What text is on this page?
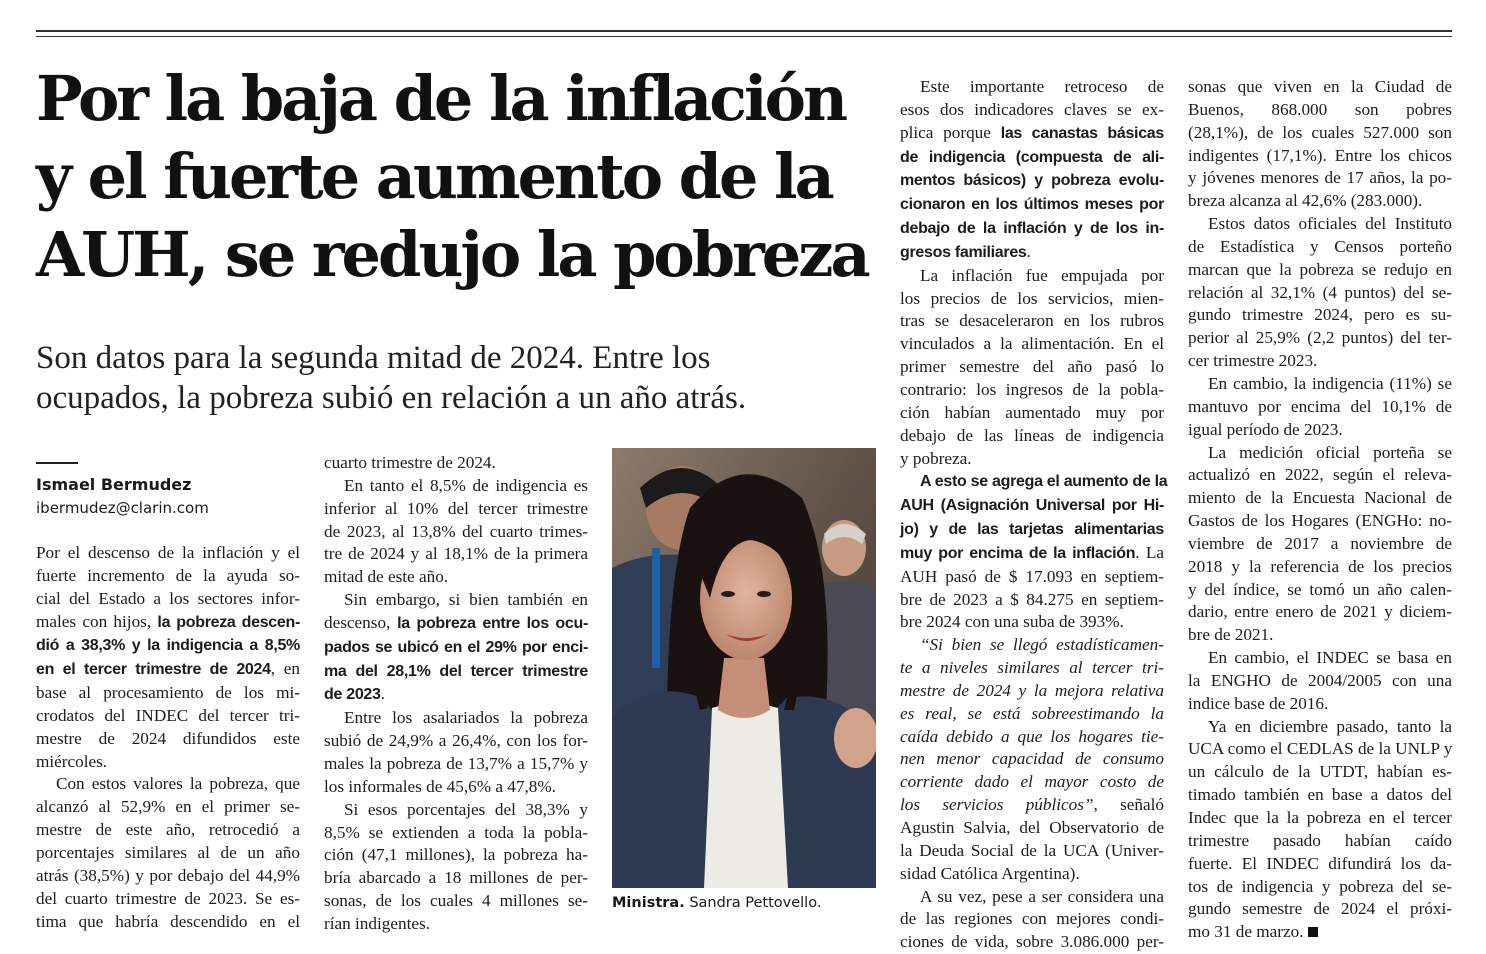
Por la baja de la inflación
y el fuerte aumento de la
AUH, se redujo la pobreza
Son datos para la segunda mitad de 2024. Entre los
ocupados, la pobreza subió en relación a un año atrás.
Ismael Bermudez
ibermudez@clarin.com
Por el descenso de la inflación y el
fuerte incremento de la ayuda so-
cial del Estado a los sectores infor-
males con hijos, la pobreza descen-
dió a 38,3% y la indigencia a 8,5%
en el tercer trimestre de 2024, en
base al procesamiento de los mi-
crodatos del INDEC del tercer tri-
mestre de 2024 difundidos este
miércoles.
Con estos valores la pobreza, que
alcanzó al 52,9% en el primer se-
mestre de este año, retrocedió a
porcentajes similares al de un año
atrás (38,5%) y por debajo del 44,9%
del cuarto trimestre de 2023. Se es-
tima que habría descendido en el
cuarto trimestre de 2024.
En tanto el 8,5% de indigencia es
inferior al 10% del tercer trimestre
de 2023, al 13,8% del cuarto trimes-
tre de 2024 y al 18,1% de la primera
mitad de este año.
Sin embargo, si bien también en
descenso, la pobreza entre los ocu-
pados se ubicó en el 29% por enci-
ma del 28,1% del tercer trimestre
de 2023.
Entre los asalariados la pobreza
subió de 24,9% a 26,4%, con los for-
males la pobreza de 13,7% a 15,7% y
los informales de 45,6% a 47,8%.
Si esos porcentajes del 38,3% y
8,5% se extienden a toda la pobla-
ción (47,1 millones), la pobreza ha-
bría abarcado a 18 millones de per-
sonas, de los cuales 4 millones se-
rían indigentes.
Este importante retroceso de
esos dos indicadores claves se ex-
plica porque las canastas básicas
de indigencia (compuesta de ali-
mentos básicos) y pobreza evolu-
cionaron en los últimos meses por
debajo de la inflación y de los in-
gresos familiares.
La inflación fue empujada por
los precios de los servicios, mien-
tras se desaceleraron en los rubros
vinculados a la alimentación. En el
primer semestre del año pasó lo
contrario: los ingresos de la pobla-
ción habían aumentado muy por
debajo de las líneas de indigencia
y pobreza.
A esto se agrega el aumento de la
AUH (Asignación Universal por Hi-
jo) y de las tarjetas alimentarias
muy por encima de la inflación. La
AUH pasó de $ 17.093 en septiem-
bre de 2023 a $ 84.275 en septiem-
bre 2024 con una suba de 393%.
“Si bien se llegó estadísticamen-
te a niveles similares al tercer tri-
mestre de 2024 y la mejora relativa
es real, se está sobreestimando la
caída debido a que los hogares tie-
nen menor capacidad de consumo
corriente dado el mayor costo de
los servicios públicos”, señaló
Agustin Salvia, del Observatorio de
la Deuda Social de la UCA (Univer-
sidad Católica Argentina).
A su vez, pese a ser considera una
de las regiones con mejores condi-
ciones de vida, sobre 3.086.000 per-
sonas que viven en la Ciudad de
Buenos, 868.000 son pobres
(28,1%), de los cuales 527.000 son
indigentes (17,1%). Entre los chicos
y jóvenes menores de 17 años, la po-
breza alcanza al 42,6% (283.000).
Estos datos oficiales del Instituto
de Estadística y Censos porteño
marcan que la pobreza se redujo en
relación al 32,1% (4 puntos) del se-
gundo trimestre 2024, pero es su-
perior al 25,9% (2,2 puntos) del ter-
cer trimestre 2023.
En cambio, la indigencia (11%) se
mantuvo por encima del 10,1% de
igual período de 2023.
La medición oficial porteña se
actualizó en 2022, según el releva-
miento de la Encuesta Nacional de
Gastos de los Hogares (ENGHo: no-
viembre de 2017 a noviembre de
2018 y la referencia de los precios
y del índice, se tomó un año calen-
dario, entre enero de 2021 y diciem-
bre de 2021.
En cambio, el INDEC se basa en
la ENGHO de 2004/2005 con una
indice base de 2016.
Ya en diciembre pasado, tanto la
UCA como el CEDLAS de la UNLP y
un cálculo de la UTDT, habían es-
timado también en base a datos del
Indec que la la pobreza en el tercer
trimestre pasado habían caído
fuerte. El INDEC difundirá los da-
tos de indigencia y pobreza del se-
gundo semestre de 2024 el próxi-
mo 31 de marzo.
Ministra. Sandra Pettovello.
